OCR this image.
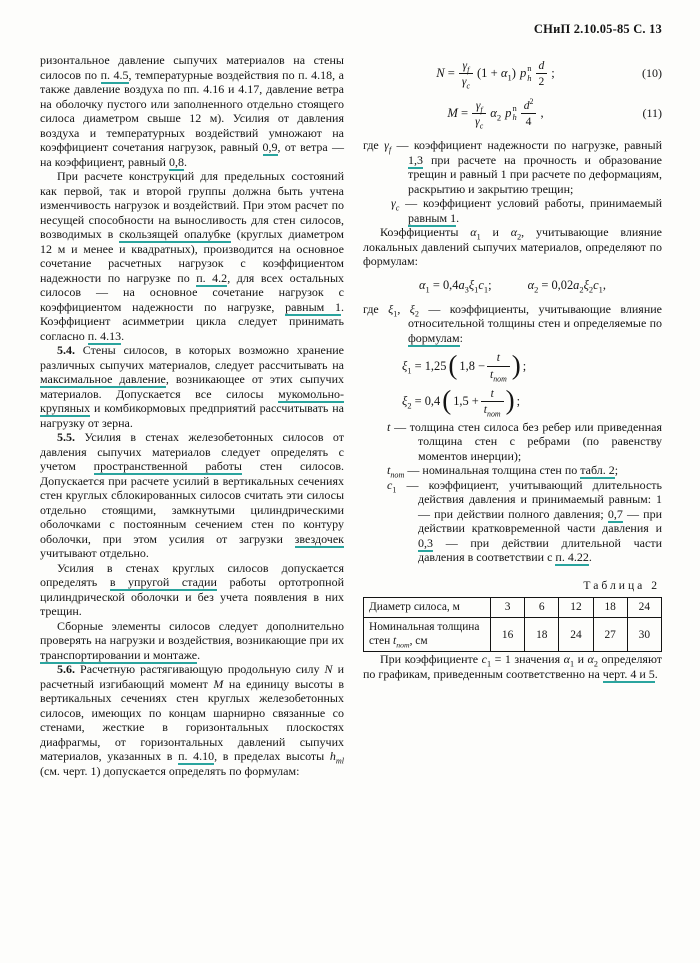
СНиП 2.10.05-85 С. 13

ризонтальное давление сыпучих материалов на стены силосов по п. 4.5, температурные воздействия по п. 4.18, а также давление воздуха по пп. 4.16 и 4.17, давление ветра на оболочку пустого или заполненного отдельно стоящего силоса диаметром свыше 12 м). Усилия от давления воздуха и температурных воздействий умножают на коэффициент сочетания нагрузок, равный 0,9, от ветра — на коэффициент, равный 0,8.

При расчете конструкций для предельных состояний как первой, так и второй группы должна быть учтена изменчивость нагрузок и воздействий. При этом расчет по несущей способности на выносливость для стен силосов, возводимых в скользящей опалубке (круглых диаметром 12 м и менее и квадратных), производится на основное сочетание расчетных нагрузок с коэффициентом надежности по нагрузке по п. 4.2, для всех остальных силосов — на основное сочетание нагрузок с коэффициентом надежности по нагрузке, равным 1. Коэффициент асимметрии цикла следует принимать согласно п. 4.13.

5.4. Стены силосов, в которых возможно хранение различных сыпучих материалов, следует рассчитывать на максимальное давление, возникающее от этих сыпучих материалов. Допускается все силосы мукомольно-крупяных и комбикормовых предприятий рассчитывать на нагрузку от зерна.

5.5. Усилия в стенах железобетонных силосов от давления сыпучих материалов следует определять с учетом пространственной работы стен силосов. Допускается при расчете усилий в вертикальных сечениях стен круглых сблокированных силосов считать эти силосы отдельно стоящими, замкнутыми цилиндрическими оболочками с постоянным сечением стен по контуру оболочки, при этом усилия от загрузки звездочек учитывают отдельно.

Усилия в стенах круглых силосов допускается определять в упругой стадии работы ортотропной цилиндрической оболочки и без учета появления в них трещин.

Сборные элементы силосов следует дополнительно проверять на нагрузки и воздействия, возникающие при их транспортировании и монтаже.

5.6. Расчетную растягивающую продольную силу N и расчетный изгибающий момент M на единицу высоты в вертикальных сечениях стен круглых железобетонных силосов, имеющих по концам шарнирно связанные со стенами, жесткие в горизонтальных плоскостях диафрагмы, от горизонтальных давлений сыпучих материалов, указанных в п. 4.10, в пределах высоты $h_{ml}$ (см. черт. 1) допускается определять по формулам:

$N = \frac{\gamma_f}{\gamma_c} (1 + \alpha_1)$ p n
h $\frac{d}{2}$ ;	(10)
$M = \frac{\gamma_f}{\gamma_c} \alpha_2$ p n
h $\frac{d^2}{4}$ ,	(11)

где $\gamma_f$ — коэффициент надежности по нагрузке, равный 1,3 при расчете на прочность и образование трещин и равный 1 при расчете по деформациям, раскрытию и закрытию трещин;

$\gamma_c$ — коэффициент условий работы, принимаемый равным 1.

Коэффициенты $\alpha_1$ и $\alpha_2$, учитывающие влияние локальных давлений сыпучих материалов, определяют по формулам:

$\alpha_1 = 0,4a_3\xi_1c_1$;	$\alpha_2 = 0,02a_2\xi_2c_1$,

где $\xi_1$, $\xi_2$ — коэффициенты, учитывающие влияние относительной толщины стен и определяемые по формулам:

$\xi_1 = 1,25$ ( $1,8 - \frac{t}{t_{nom}}$ ) ;
$\xi_2 = 0,4$ ( $1,5 + \frac{t}{t_{nom}}$ ) ;

t — толщина стен силоса без ребер или приведенная толщина стен с ребрами (по равенству моментов инерции);

$t_{nom}$ — номинальная толщина стен по табл. 2;

$c_1$ — коэффициент, учитывающий длительность действия давления и принимаемый равным: 1 — при действии полного давления; 0,7 — при действии кратковременной части давления и 0,3 — при действии длительной части давления в соответствии с п. 4.22.

Таблица 2
Диаметр силоса, м	3	6	12	18	24
Номинальная толщина стен $t_{nom}$, см	16	18	24	27	30

При коэффициенте $c_1 = 1$ значения $\alpha_1$ и $\alpha_2$ определяют по графикам, приведенным соответственно на черт. 4 и 5.
